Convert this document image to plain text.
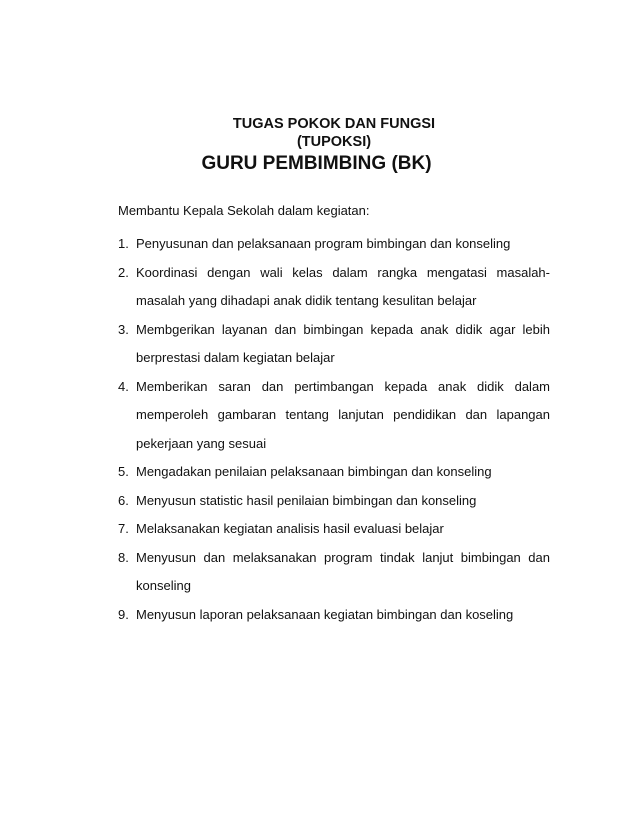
TUGAS POKOK DAN FUNGSI

(TUPOKSI)

GURU PEMBIMBING (BK)

Membantu Kepala Sekolah dalam kegiatan:

1. Penyusunan dan pelaksanaan program bimbingan dan konseling
2. Koordinasi dengan wali kelas dalam rangka mengatasi masalah-
masalah yang dihadapi anak didik tentang kesulitan belajar
3. Membgerikan layanan dan bimbingan kepada anak didik agar lebih
berprestasi dalam kegiatan belajar
4. Memberikan saran dan pertimbangan kepada anak didik dalam
memperoleh gambaran tentang lanjutan pendidikan dan lapangan
pekerjaan yang sesuai
5. Mengadakan penilaian pelaksanaan bimbingan dan konseling
6. Menyusun statistic hasil penilaian bimbingan dan konseling
7. Melaksanakan kegiatan analisis hasil evaluasi belajar
8. Menyusun dan melaksanakan program tindak lanjut bimbingan dan
konseling
9. Menyusun laporan pelaksanaan kegiatan bimbingan dan koseling
